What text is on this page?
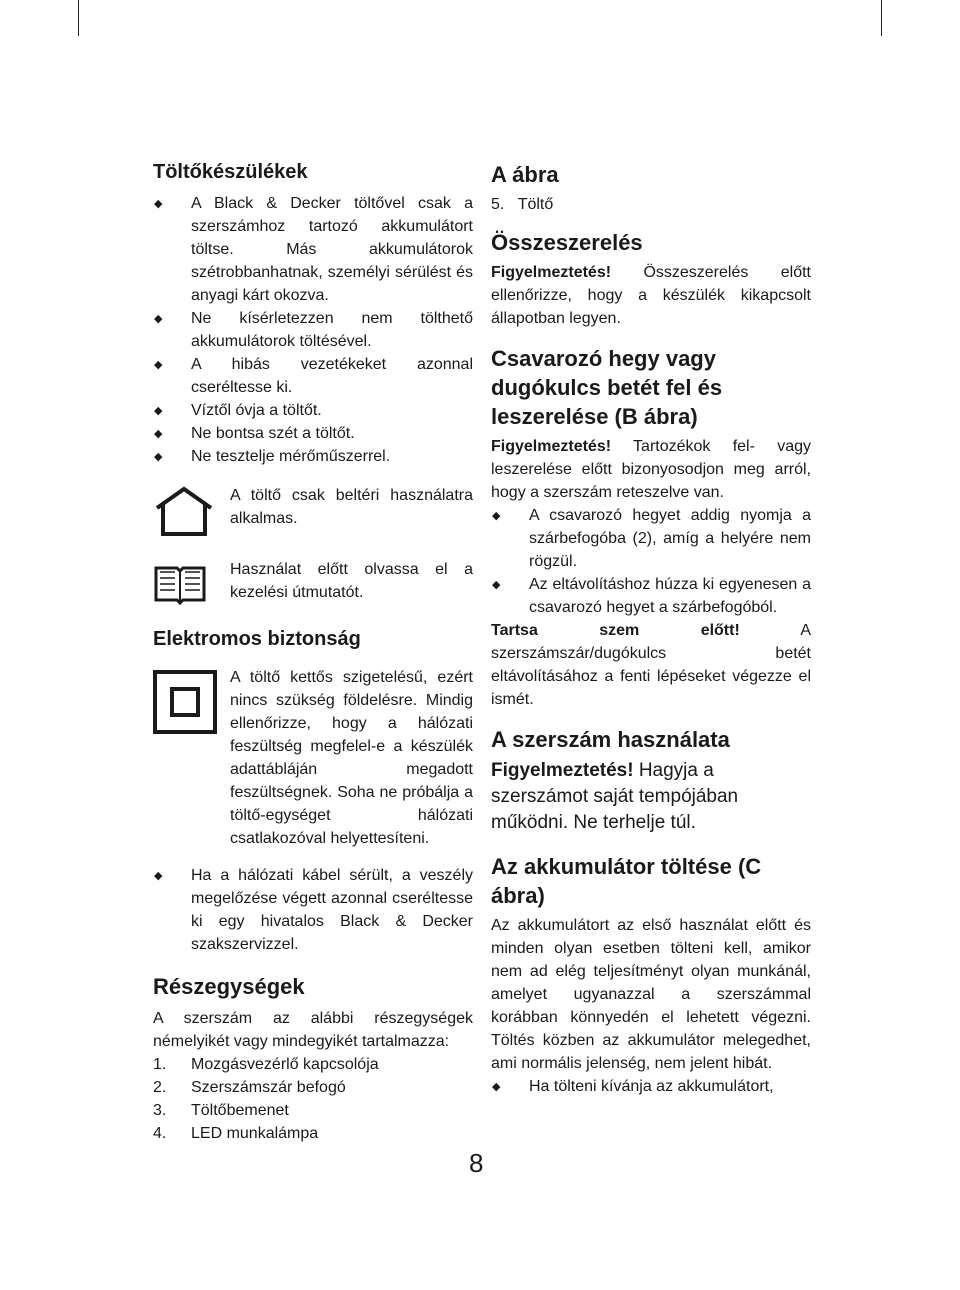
Töltőkészülékek
◆ A Black & Decker töltővel csak a szerszámhoz tartozó akkumulátort töltse. Más akkumulátorok szétrobbanhatnak, személyi sérülést és anyagi kárt okozva.
◆ Ne kísérletezzen nem tölthető akkumulátorok töltésével.
◆ A hibás vezetékeket azonnal cseréltesse ki.
◆ Víztől óvja a töltőt.
◆ Ne bontsa szét a töltőt.
◆ Ne tesztelje mérőműszerrel.
A töltő csak beltéri használatra alkalmas.
Használat előtt olvassa el a kezelési útmutatót.
Elektromos biztonság
A töltő kettős szigetelésű, ezért nincs szükség földelésre. Mindig ellenőrizze, hogy a hálózati feszültség megfelel-e a készülék adattábláján megadott feszültségnek. Soha ne próbálja a töltő-egységet hálózati csatlakozóval helyettesíteni.
◆ Ha a hálózati kábel sérült, a veszély megelőzése végett azonnal cseréltesse ki egy hivatalos Black & Decker szakszervizzel.
Részegységek

A szerszám az alábbi részegységek némelyikét vagy mindegyikét tartalmazza:

1. Mozgásvezérlő kapcsolója
2. Szerszámszár befogó
3. Töltőbemenet
4. LED munkalámpa
A ábra

5. Töltő

Összeszerelés

Figyelmeztetés! Összeszerelés előtt ellenőrizze, hogy a készülék kikapcsolt állapotban legyen.

Csavarozó hegy vagy dugókulcs betét fel és leszerelése (B ábra)

Figyelmeztetés! Tartozékok fel- vagy leszerelése előtt bizonyosodjon meg arról, hogy a szerszám reteszelve van.

◆ A csavarozó hegyet addig nyomja a szárbefogóba (2), amíg a helyére nem rögzül.
◆ Az eltávolításhoz húzza ki egyenesen a csavarozó hegyet a szárbefogóból.

Tartsa szem előtt!	A szerszámszár/dugókulcs betét eltávolításához a fenti lépéseket végezze el ismét.

A szerszám használata

Figyelmeztetés! Hagyja a szerszámot saját tempójában működni. Ne terhelje túl.

Az akkumulátor töltése (C ábra)

Az akkumulátort az első használat előtt és minden olyan esetben tölteni kell, amikor nem ad elég teljesítményt olyan munkánál, amelyet ugyanazzal a szerszámmal korábban könnyedén el lehetett végezni. Töltés közben az akkumulátor melegedhet, ami normális jelenség, nem jelent hibát.

◆ Ha tölteni kívánja az akkumulátort,
8
